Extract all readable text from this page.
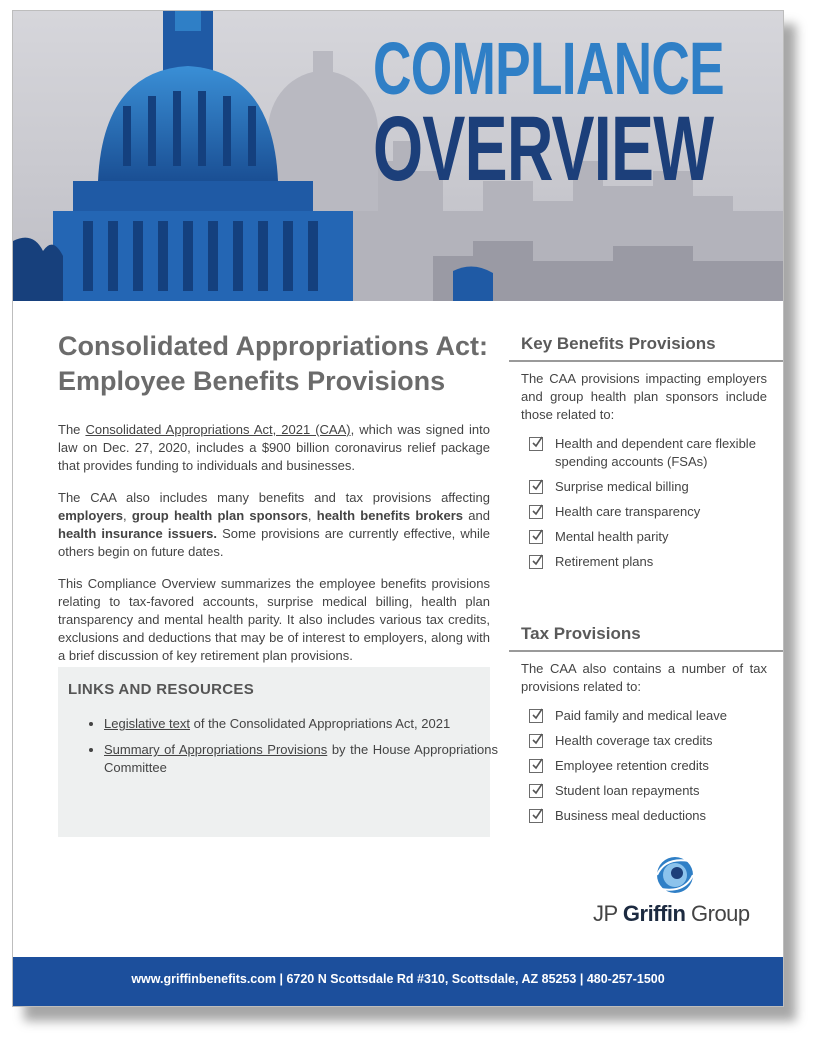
COMPLIANCE
OVERVIEW
Consolidated Appropriations Act:
Employee Benefits Provisions

The Consolidated Appropriations Act, 2021 (CAA), which was signed into law on Dec. 27, 2020, includes a $900 billion coronavirus relief package that provides funding to individuals and businesses.

The CAA also includes many benefits and tax provisions affecting employers, group health plan sponsors, health benefits brokers and health insurance issuers. Some provisions are currently effective, while others begin on future dates.

This Compliance Overview summarizes the employee benefits provisions relating to tax-favored accounts, surprise medical billing, health plan transparency and mental health parity. It also includes various tax credits, exclusions and deductions that may be of interest to employers, along with a brief discussion of key retirement plan provisions.

LINKS AND RESOURCES
• Legislative text of the Consolidated Appropriations Act, 2021
• Summary of Appropriations Provisions by the House Appropriations Committee
Key Benefits Provisions

The CAA provisions impacting employers and group health plan sponsors include those related to:

Health and dependent care flexible spending accounts (FSAs)
Surprise medical billing
Health care transparency
Mental health parity
Retirement plans
Tax Provisions

The CAA also contains a number of tax provisions related to:

Paid family and medical leave
Health coverage tax credits
Employee retention credits
Student loan repayments
Business meal deductions
JP Griffin Group
www.griffinbenefits.com | 6720 N Scottsdale Rd #310, Scottsdale, AZ 85253 | 480-257-1500
